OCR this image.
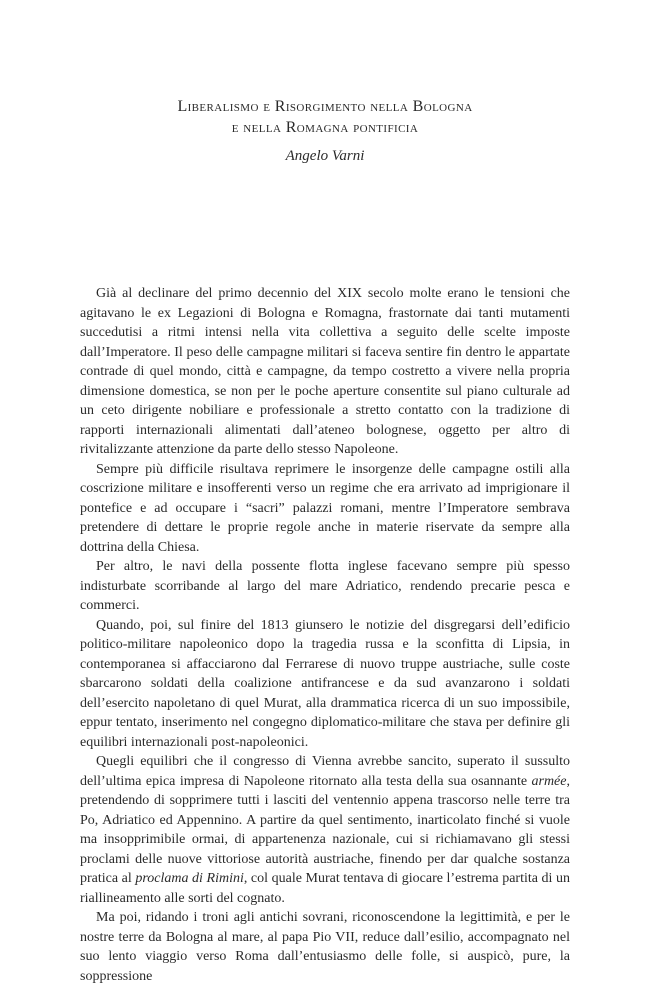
Liberalismo e Risorgimento nella Bologna
e nella Romagna pontificia

Angelo Varni

Già al declinare del primo decennio del XIX secolo molte erano le tensioni che agitavano le ex Legazioni di Bologna e Romagna, frastornate dai tanti mutamenti succedutisi a ritmi intensi nella vita collettiva a seguito delle scelte imposte dall’Imperatore. Il peso delle campagne militari si faceva sentire fin dentro le appartate contrade di quel mondo, città e campagne, da tempo costretto a vivere nella propria dimensione domestica, se non per le poche aperture consentite sul piano culturale ad un ceto dirigente nobiliare e professionale a stretto contatto con la tradizione di rapporti internazionali alimentati dall’ateneo bolognese, oggetto per altro di rivitalizzante attenzione da parte dello stesso Napoleone.

Sempre più difficile risultava reprimere le insorgenze delle campagne ostili alla coscrizione militare e insofferenti verso un regime che era arrivato ad imprigionare il pontefice e ad occupare i “sacri” palazzi romani, mentre l’Imperatore sembrava pretendere di dettare le proprie regole anche in materie riservate da sempre alla dottrina della Chiesa.

Per altro, le navi della possente flotta inglese facevano sempre più spesso indisturbate scorribande al largo del mare Adriatico, rendendo precarie pesca e commerci.

Quando, poi, sul finire del 1813 giunsero le notizie del disgregarsi dell’edificio politico-militare napoleonico dopo la tragedia russa e la sconfitta di Lipsia, in contemporanea si affacciarono dal Ferrarese di nuovo truppe austriache, sulle coste sbarcarono soldati della coalizione antifrancese e da sud avanzarono i soldati dell’esercito napoletano di quel Murat, alla drammatica ricerca di un suo impossibile, eppur tentato, inserimento nel congegno diplomatico-militare che stava per definire gli equilibri internazionali post-napoleonici.

Quegli equilibri che il congresso di Vienna avrebbe sancito, superato il sussulto dell’ultima epica impresa di Napoleone ritornato alla testa della sua osannante armée, pretendendo di sopprimere tutti i lasciti del ventennio appena trascorso nelle terre tra Po, Adriatico ed Appennino. A partire da quel sentimento, inarticolato finché si vuole ma insopprimibile ormai, di appartenenza nazionale, cui si richiamavano gli stessi proclami delle nuove vittoriose autorità austriache, finendo per dar qualche sostanza pratica al proclama di Rimini, col quale Murat tentava di giocare l’estrema partita di un riallineamento alle sorti del cognato.

Ma poi, ridando i troni agli antichi sovrani, riconoscendone la legittimità, e per le nostre terre da Bologna al mare, al papa Pio VII, reduce dall’esilio, accompagnato nel suo lento viaggio verso Roma dall’entusiasmo delle folle, si auspicò, pure, la soppressione
